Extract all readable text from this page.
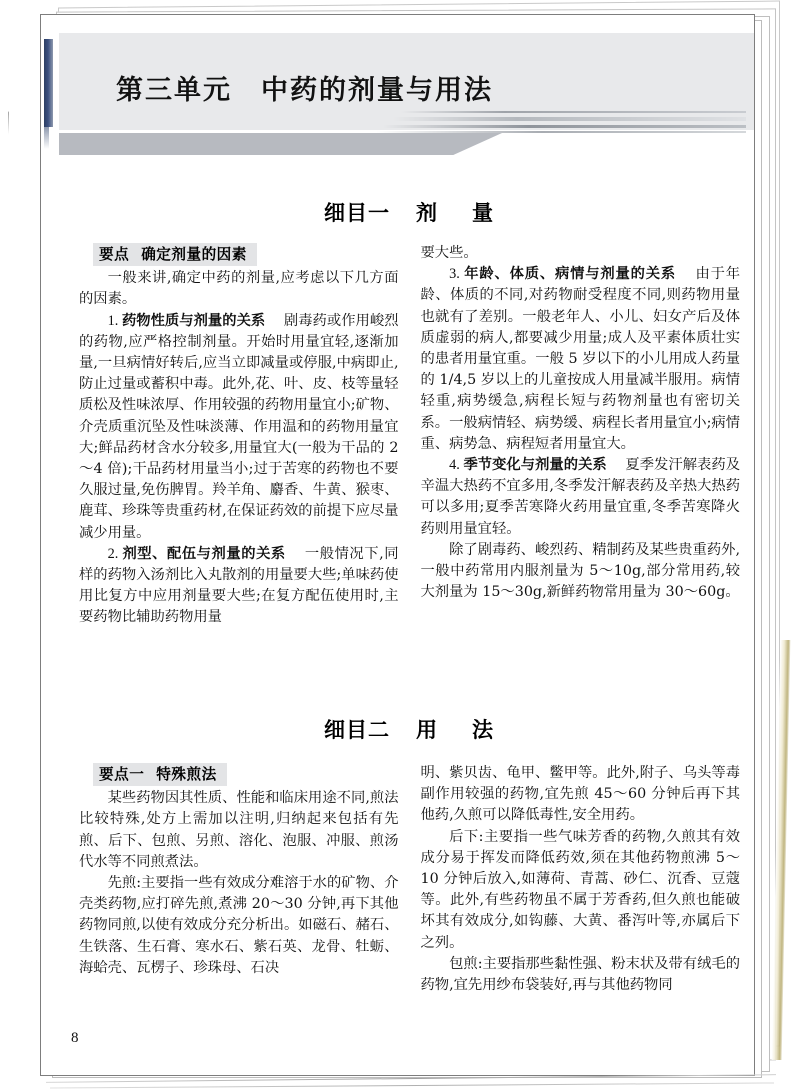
第三单元　中药的剂量与用法
细目一 剂 量
要点 确定剂量的因素

一般来讲,确定中药的剂量,应考虑以下几方面的因素。

1. 药物性质与剂量的关系 剧毒药或作用峻烈的药物,应严格控制剂量。开始时用量宜轻,逐渐加量,一旦病情好转后,应当立即减量或停服,中病即止,防止过量或蓄积中毒。此外,花、叶、皮、枝等量轻质松及性味浓厚、作用较强的药物用量宜小;矿物、介壳质重沉坠及性味淡薄、作用温和的药物用量宜大;鲜品药材含水分较多,用量宜大(一般为干品的 2～4 倍);干品药材用量当小;过于苦寒的药物也不要久服过量,免伤脾胃。羚羊角、麝香、牛黄、猴枣、鹿茸、珍珠等贵重药材,在保证药效的前提下应尽量减少用量。

2. 剂型、配伍与剂量的关系 一般情况下,同样的药物入汤剂比入丸散剂的用量要大些;单味药使用比复方中应用剂量要大些;在复方配伍使用时,主要药物比辅助药物用量

要大些。

3. 年龄、体质、病情与剂量的关系 由于年龄、体质的不同,对药物耐受程度不同,则药物用量也就有了差别。一般老年人、小儿、妇女产后及体质虚弱的病人,都要减少用量;成人及平素体质壮实的患者用量宜重。一般 5 岁以下的小儿用成人药量的 1/4,5 岁以上的儿童按成人用量减半服用。病情轻重,病势缓急,病程长短与药物剂量也有密切关系。一般病情轻、病势缓、病程长者用量宜小;病情重、病势急、病程短者用量宜大。

4. 季节变化与剂量的关系 夏季发汗解表药及辛温大热药不宜多用,冬季发汗解表药及辛热大热药可以多用;夏季苦寒降火药用量宜重,冬季苦寒降火药则用量宜轻。

除了剧毒药、峻烈药、精制药及某些贵重药外,一般中药常用内服剂量为 5～10g,部分常用药,较大剂量为 15～30g,新鲜药物常用量为 30～60g。

细目二 用 法
要点一 特殊煎法

某些药物因其性质、性能和临床用途不同,煎法比较特殊,处方上需加以注明,归纳起来包括有先煎、后下、包煎、另煎、溶化、泡服、冲服、煎汤代水等不同煎煮法。

先煎:主要指一些有效成分难溶于水的矿物、介壳类药物,应打碎先煎,煮沸 20～30 分钟,再下其他药物同煎,以使有效成分充分析出。如磁石、赭石、生铁落、生石膏、寒水石、紫石英、龙骨、牡蛎、海蛤壳、瓦楞子、珍珠母、石决

明、紫贝齿、龟甲、鳖甲等。此外,附子、乌头等毒副作用较强的药物,宜先煎 45～60 分钟后再下其他药,久煎可以降低毒性,安全用药。

后下:主要指一些气味芳香的药物,久煎其有效成分易于挥发而降低药效,须在其他药物煎沸 5～10 分钟后放入,如薄荷、青蒿、砂仁、沉香、豆蔻等。此外,有些药物虽不属于芳香药,但久煎也能破坏其有效成分,如钩藤、大黄、番泻叶等,亦属后下之列。

包煎:主要指那些黏性强、粉末状及带有绒毛的药物,宜先用纱布袋装好,再与其他药物同

8
